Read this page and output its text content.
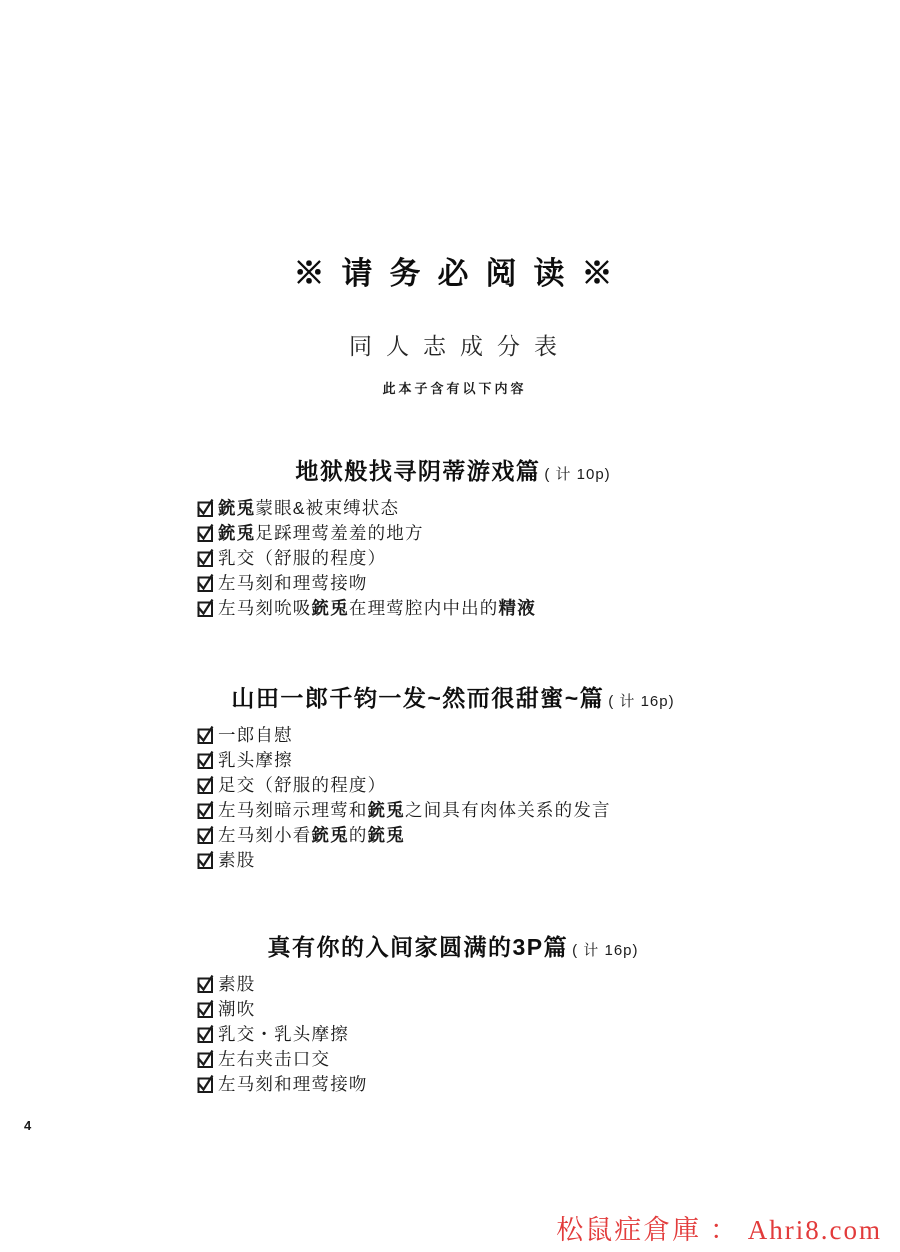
※请务必阅读※
同人志成分表
此本子含有以下内容
地狱般找寻阴蒂游戏篇 ( 计 10p)
銃兎 蒙眼&被束缚状态
銃兎 足踩理莺羞羞的地方
乳交（舒服的程度）
左马刻和理莺接吻
左马刻吮吸 銃兎 在理莺腔内中出的 精液
山田一郎千钧一发~然而很甜蜜~篇 ( 计 16p)
一郎自慰
乳头摩擦
足交（舒服的程度）
左马刻暗示理莺和 銃兎 之间具有肉体关系的发言
左马刻小看 銃兎 的 銃兎
素股
真有你的入间家圆满的3P篇 ( 计 16p)
素股
潮吹
乳交・乳头摩擦
左右夹击口交
左马刻和理莺接吻
4
松鼠症倉庫 ： Ahri8.com
